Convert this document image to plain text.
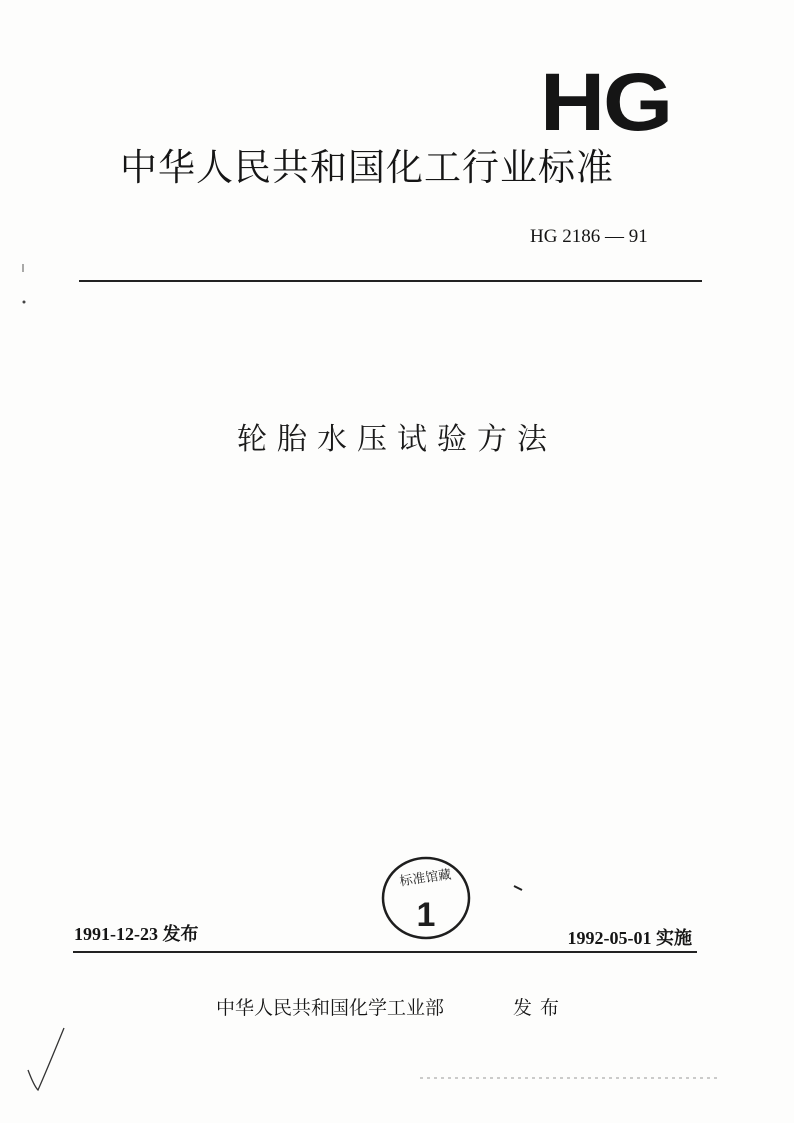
HG
中华人民共和国化工行业标准
HG 2186 — 91
轮胎水压试验方法
标准馆藏
1
1991-12-23 发布	1992-05-01 实施
中华人民共和国化学工业部	发布
